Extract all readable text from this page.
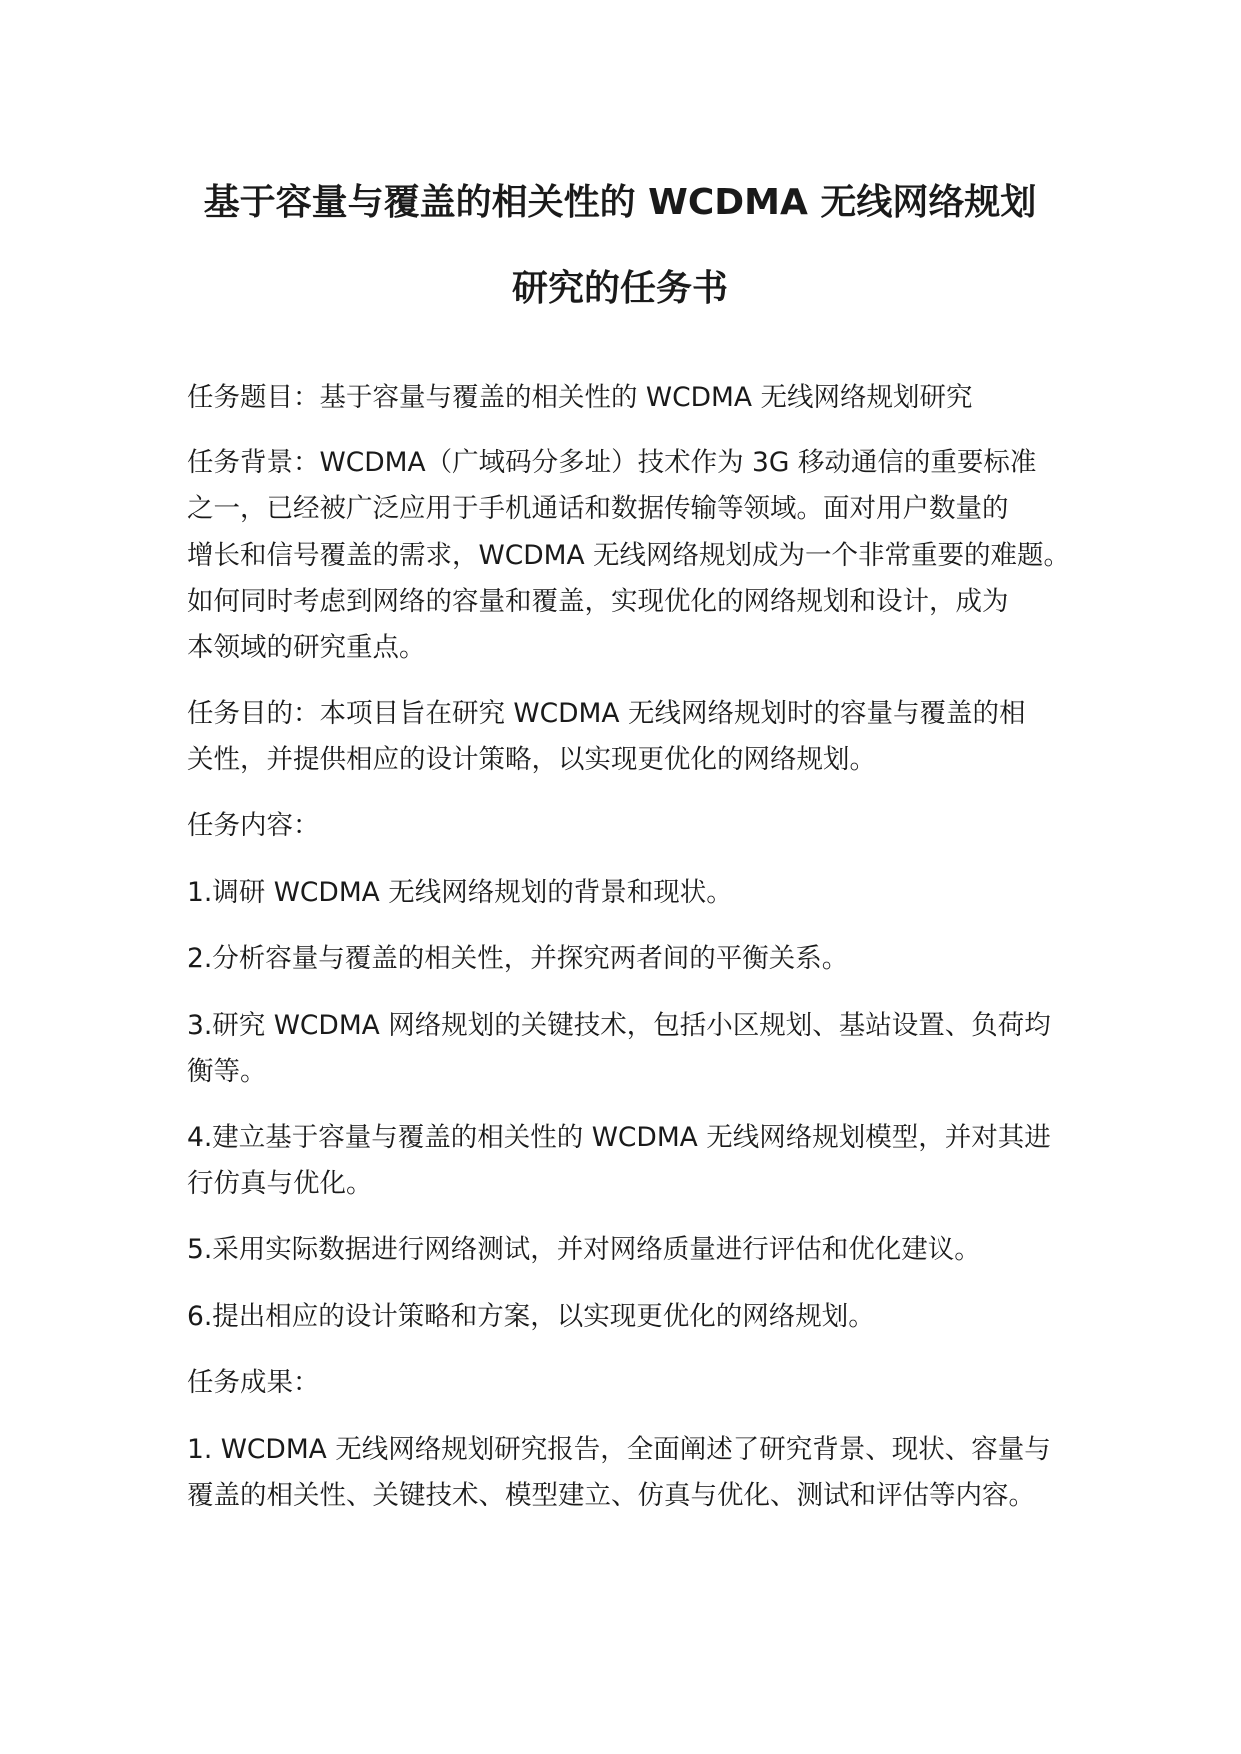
基于容量与覆盖的相关性的 WCDMA 无线网络规划
研究的任务书
任务题目：基于容量与覆盖的相关性的 WCDMA 无线网络规划研究
任务背景：WCDMA（广域码分多址）技术作为 3G 移动通信的重要标准
之一，已经被广泛应用于手机通话和数据传输等领域。面对用户数量的
增长和信号覆盖的需求，WCDMA 无线网络规划成为一个非常重要的难题。
如何同时考虑到网络的容量和覆盖，实现优化的网络规划和设计，成为
本领域的研究重点。
任务目的：本项目旨在研究 WCDMA 无线网络规划时的容量与覆盖的相
关性，并提供相应的设计策略，以实现更优化的网络规划。
任务内容：
1.调研 WCDMA 无线网络规划的背景和现状。
2.分析容量与覆盖的相关性，并探究两者间的平衡关系。
3.研究 WCDMA 网络规划的关键技术，包括小区规划、基站设置、负荷均
衡等。
4.建立基于容量与覆盖的相关性的 WCDMA 无线网络规划模型，并对其进
行仿真与优化。
5.采用实际数据进行网络测试，并对网络质量进行评估和优化建议。
6.提出相应的设计策略和方案，以实现更优化的网络规划。
任务成果：
1. WCDMA 无线网络规划研究报告，全面阐述了研究背景、现状、容量与
覆盖的相关性、关键技术、模型建立、仿真与优化、测试和评估等内容。
